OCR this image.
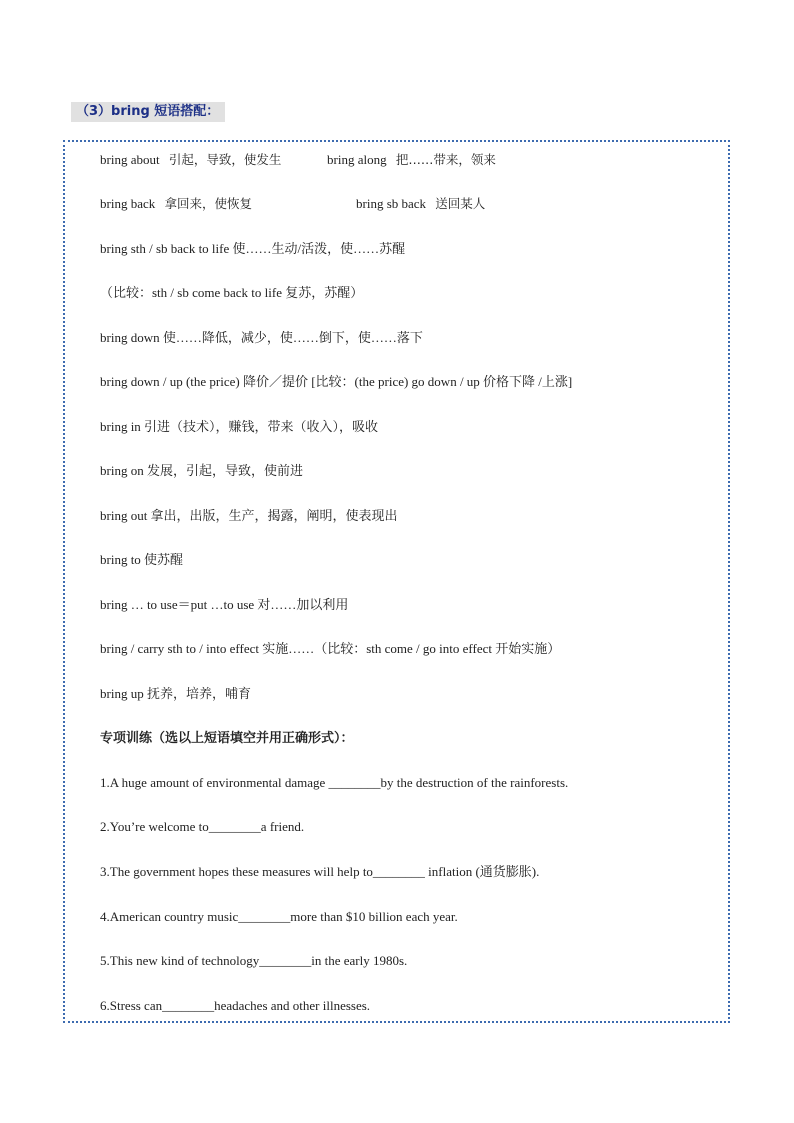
（3）bring 短语搭配：
bring about 引起，导致，使发生	bring along 把……带来，领来
bring back 拿回来，使恢复	bring sb back 送回某人
bring sth / sb back to life 使……生动/活泼，使……苏醒
（比较：sth / sb come back to life 复苏，苏醒）
bring down 使……降低，减少，使……倒下，使……落下
bring down / up (the price) 降价／提价 [比较：(the price) go down / up 价格下降 /上涨]
bring in 引进（技术），赚钱，带来（收入），吸收
bring on 发展，引起，导致，使前进
bring out 拿出，出版，生产，揭露，阐明，使表现出
bring to 使苏醒
bring … to use＝put …to use 对……加以利用
bring / carry sth to / into effect 实施……（比较：sth come / go into effect 开始实施）
bring up 抚养，培养，哺育
专项训练（选以上短语填空并用正确形式）：
1.A huge amount of environmental damage ________by the destruction of the rainforests.
2.You’re welcome to________a friend.
3.The government hopes these measures will help to________ inflation (通货膨胀).
4.American country music________more than $10 billion each year.
5.This new kind of technology________in the early 1980s.
6.Stress can________headaches and other illnesses.
